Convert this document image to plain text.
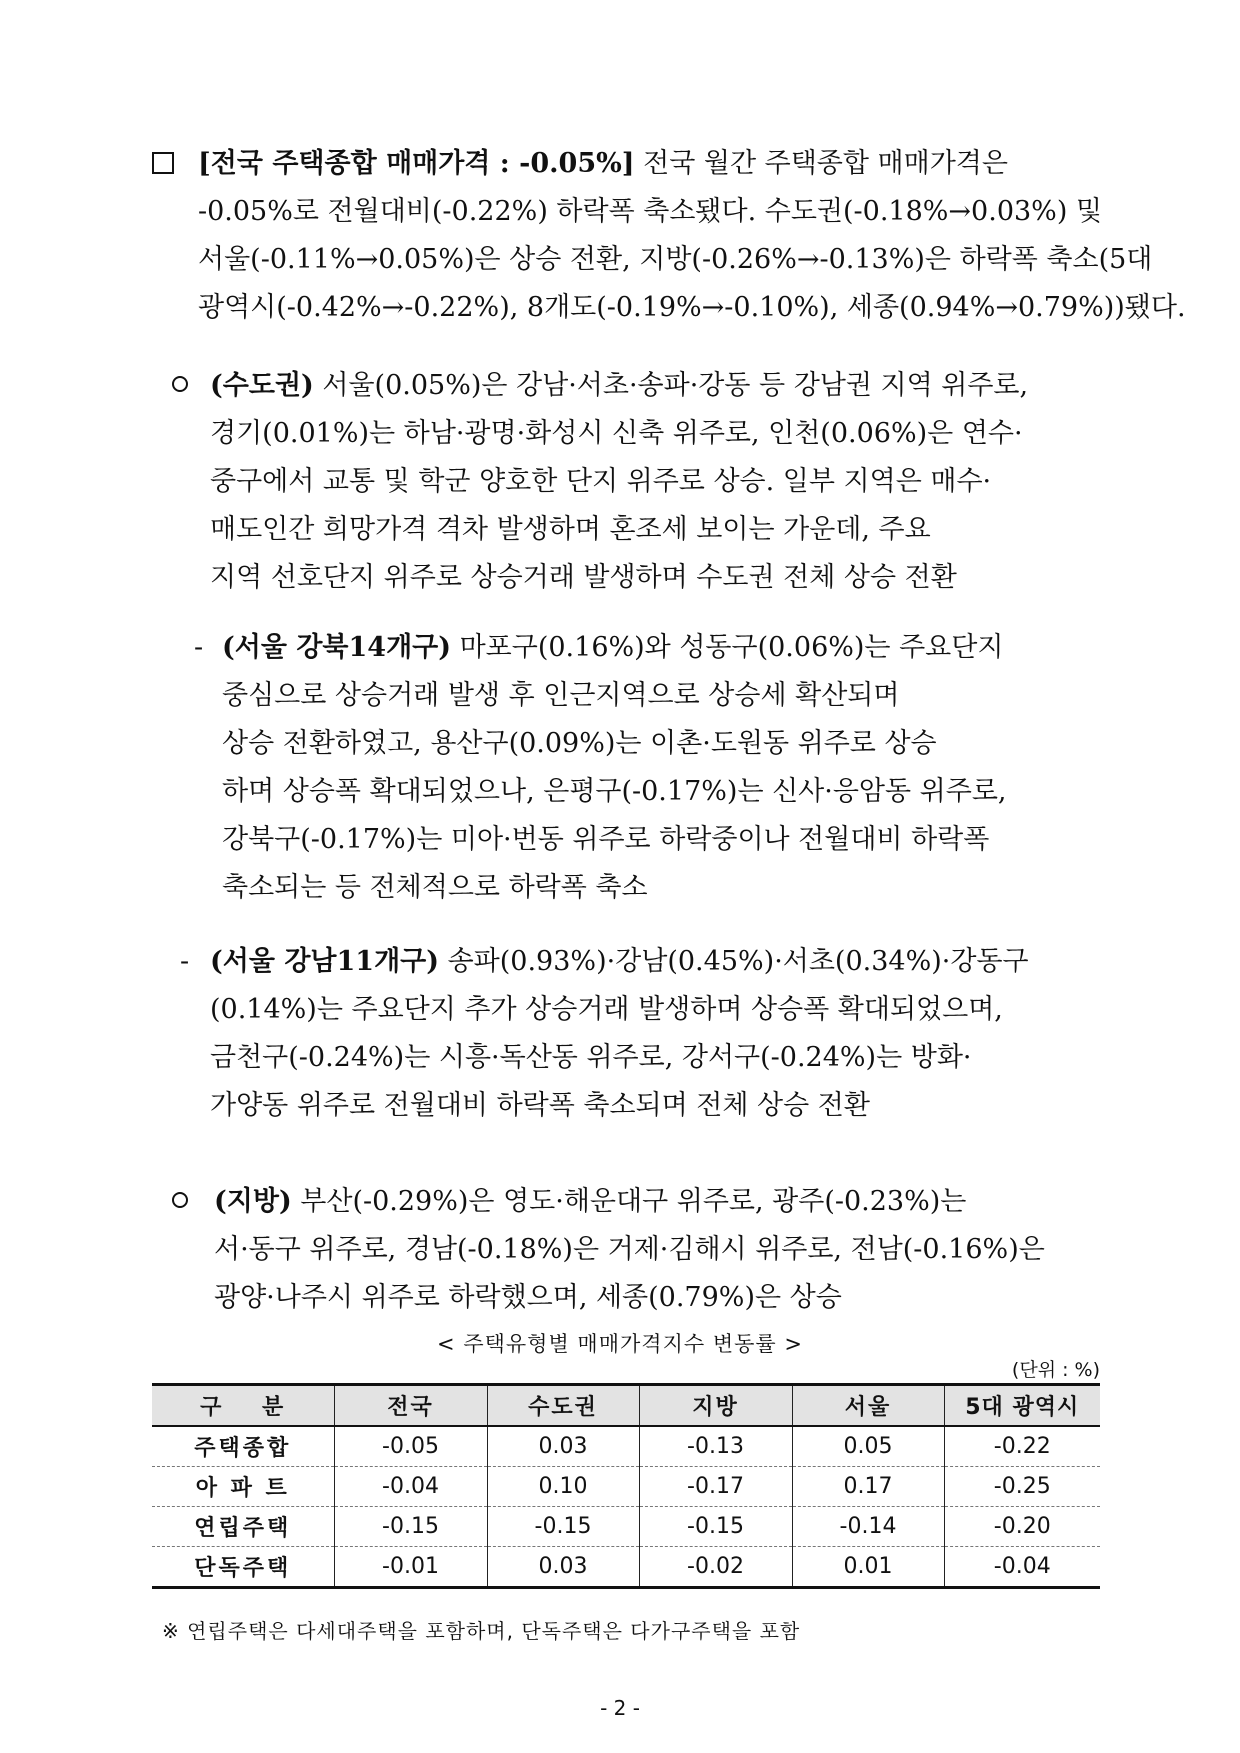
[전국 주택종합 매매가격 : -0.05%] 전국 월간 주택종합 매매가격은
-0.05%로 전월대비(-0.22%) 하락폭 축소됐다. 수도권(-0.18%→0.03%) 및
서울(-0.11%→0.05%)은 상승 전환, 지방(-0.26%→-0.13%)은 하락폭 축소(5대
광역시(-0.42%→-0.22%), 8개도(-0.19%→-0.10%), 세종(0.94%→0.79%))됐다.
(수도권) 서울(0.05%)은 강남·서초·송파·강동 등 강남권 지역 위주로,
경기(0.01%)는 하남·광명·화성시 신축 위주로, 인천(0.06%)은 연수·
중구에서 교통 및 학군 양호한 단지 위주로 상승. 일부 지역은 매수·
매도인간 희망가격 격차 발생하며 혼조세 보이는 가운데, 주요
지역 선호단지 위주로 상승거래 발생하며 수도권 전체 상승 전환
- (서울 강북14개구) 마포구(0.16%)와 성동구(0.06%)는 주요단지
중심으로 상승거래 발생 후 인근지역으로 상승세 확산되며
상승 전환하였고, 용산구(0.09%)는 이촌·도원동 위주로 상승
하며 상승폭 확대되었으나, 은평구(-0.17%)는 신사·응암동 위주로,
강북구(-0.17%)는 미아·번동 위주로 하락중이나 전월대비 하락폭
축소되는 등 전체적으로 하락폭 축소
- (서울 강남11개구) 송파(0.93%)·강남(0.45%)·서초(0.34%)·강동구
(0.14%)는 주요단지 추가 상승거래 발생하며 상승폭 확대되었으며,
금천구(-0.24%)는 시흥·독산동 위주로, 강서구(-0.24%)는 방화·
가양동 위주로 전월대비 하락폭 축소되며 전체 상승 전환
(지방) 부산(-0.29%)은 영도·해운대구 위주로, 광주(-0.23%)는
서·동구 위주로, 경남(-0.18%)은 거제·김해시 위주로, 전남(-0.16%)은
광양·나주시 위주로 하락했으며, 세종(0.79%)은 상승
< 주택유형별 매매가격지수 변동률 >
(단위 : %)
구    분	전국	수도권	지방	서울	5대 광역시
주택종합	-0.05	0.03	-0.13	0.05	-0.22
아 파 트	-0.04	0.10	-0.17	0.17	-0.25
연립주택	-0.15	-0.15	-0.15	-0.14	-0.20
단독주택	-0.01	0.03	-0.02	0.01	-0.04
※ 연립주택은 다세대주택을 포함하며, 단독주택은 다가구주택을 포함
- 2 -
